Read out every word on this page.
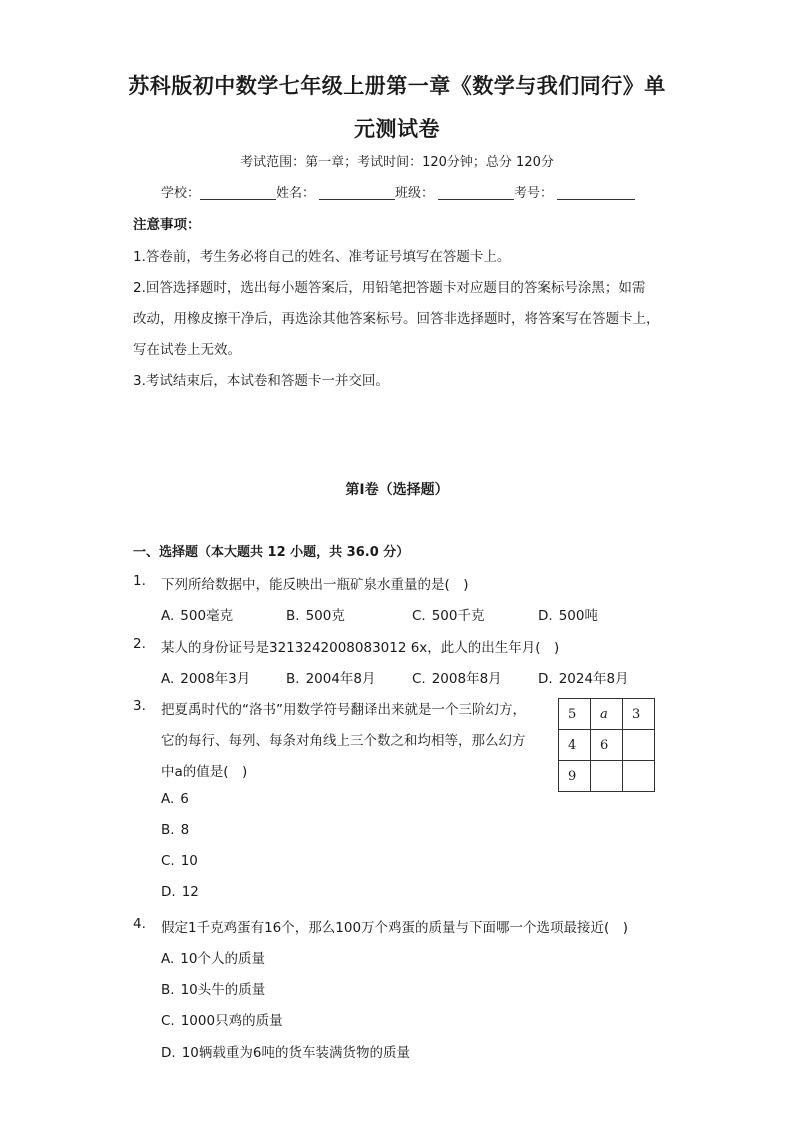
苏科版初中数学七年级上册第一章《数学与我们同行》单
元测试卷
考试范围：第一章；考试时间：120分钟；总分 120分
学校：	姓名：	班级：	考号：
注意事项：
1.答卷前，考生务必将自己的姓名、准考证号填写在答题卡上。
2.回答选择题时，选出每小题答案后，用铅笔把答题卡对应题目的答案标号涂黑；如需
改动，用橡皮擦干净后，再选涂其他答案标号。回答非选择题时，将答案写在答题卡上，
写在试卷上无效。
3.考试结束后，本试卷和答题卡一并交回。
第Ⅰ卷（选择题）
一、选择题（本大题共 12 小题，共 36.0 分）
1. 下列所给数据中，能反映出一瓶矿泉水重量的是(　)
A. 500毫克	B. 500克	C. 500千克	D. 500吨
2. 某人的身份证号是3213242008083012 6x，此人的出生年月(　)
A. 2008年3月	B. 2004年8月	C. 2008年8月	D. 2024年8月
3. 把夏禹时代的“洛书”用数学符号翻译出来就是一个三阶幻方，
它的每行、每列、每条对角线上三个数之和均相等，那么幻方
中a的值是(　)
5	a	3
4	6	
9		
A. 6
B. 8
C. 10
D. 12
4. 假定1千克鸡蛋有16个，那么100万个鸡蛋的质量与下面哪一个选项最接近(　)
A. 10个人的质量
B. 10头牛的质量
C. 1000只鸡的质量
D. 10辆载重为6吨的货车装满货物的质量
